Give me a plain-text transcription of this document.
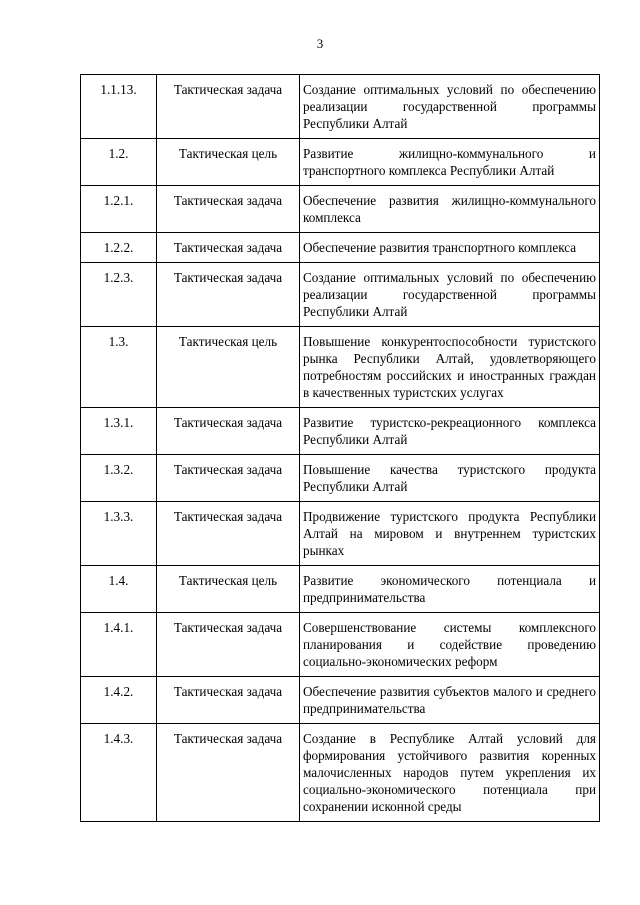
3
1.1.13.	Тактическая задача	Создание оптимальных условий по обеспечению реализации государственной программы Республики Алтай
1.2.	Тактическая цель	Развитие жилищно-коммунального и транспортного комплекса Республики Алтай
1.2.1.	Тактическая задача	Обеспечение развития жилищно-коммунального комплекса
1.2.2.	Тактическая задача	Обеспечение развития транспортного комплекса
1.2.3.	Тактическая задача	Создание оптимальных условий по обеспечению реализации государственной программы Республики Алтай
1.3.	Тактическая цель	Повышение конкурентоспособности туристского рынка Республики Алтай, удовлетворяющего потребностям российских и иностранных граждан в качественных туристских услугах
1.3.1.	Тактическая задача	Развитие туристско-рекреационного комплекса Республики Алтай
1.3.2.	Тактическая задача	Повышение качества туристского продукта Республики Алтай
1.3.3.	Тактическая задача	Продвижение туристского продукта Республики Алтай на мировом и внутреннем туристских рынках
1.4.	Тактическая цель	Развитие экономического потенциала и предпринимательства
1.4.1.	Тактическая задача	Совершенствование системы комплексного планирования и содействие проведению социально-экономических реформ
1.4.2.	Тактическая задача	Обеспечение развития субъектов малого и среднего предпринимательства
1.4.3.	Тактическая задача	Создание в Республике Алтай условий для формирования устойчивого развития коренных малочисленных народов путем укрепления их социально-экономического потенциала при сохранении исконной среды
